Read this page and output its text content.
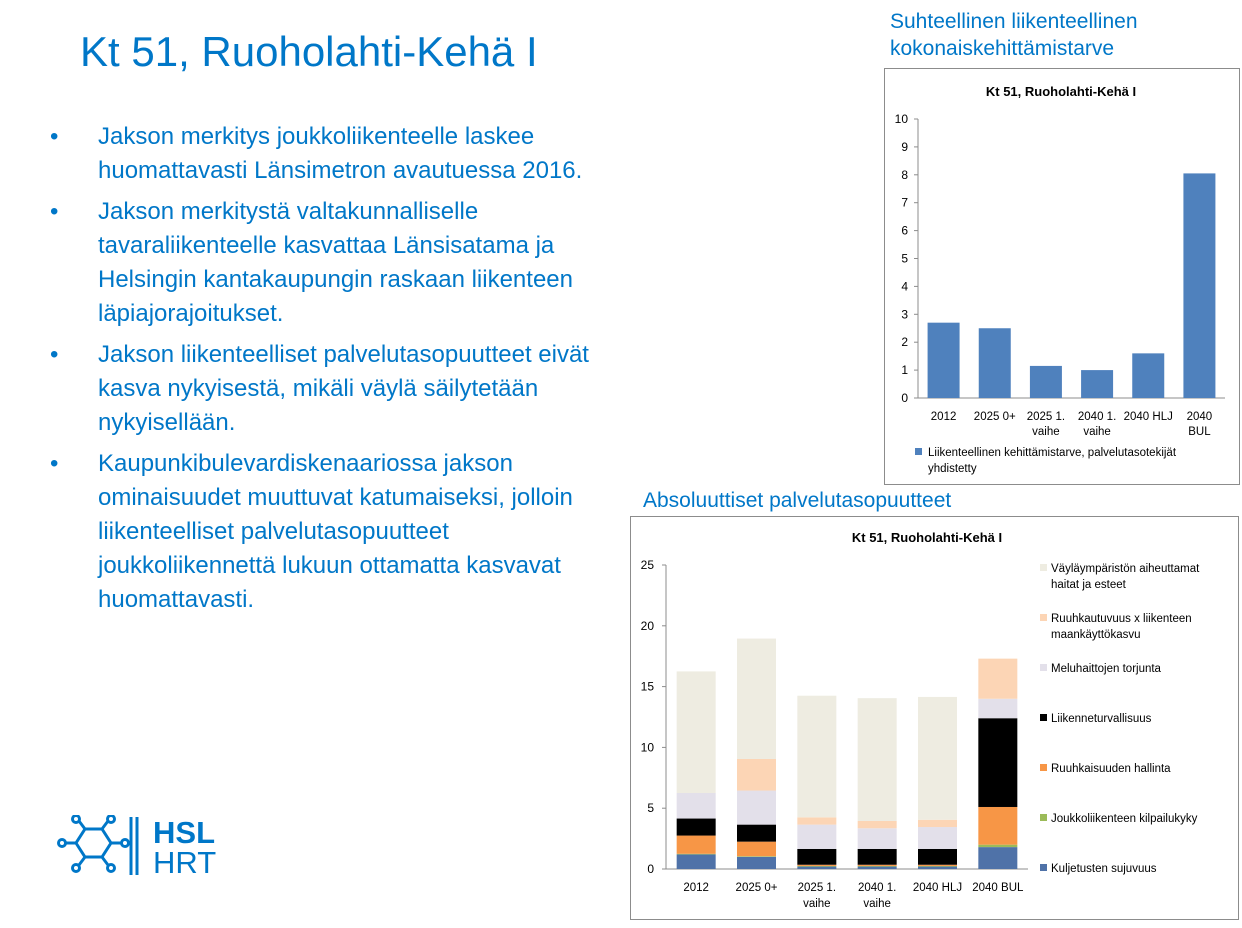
Kt 51, Ruoholahti-Kehä I
• Jakson merkitys joukkoliikenteelle laskee huomattavasti Länsimetron avautuessa 2016.
• Jakson merkitystä valtakunnalliselle tavaraliikenteelle kasvattaa Länsisatama ja Helsingin kantakaupungin raskaan liikenteen läpiajorajoitukset.
• Jakson liikenteelliset palvelutasopuutteet eivät kasva nykyisestä, mikäli väylä säilytetään nykyisellään.
• Kaupunkibulevardiskenaariossa jakson ominaisuudet muuttuvat katumaiseksi, jolloin liikenteelliset palvelutasopuutteet joukkoliikennettä lukuun ottamatta kasvavat huomattavasti.
Suhteellinen liikenteellinen
kokonaiskehittämistarve
Absoluuttiset palvelutasopuutteet
Kt 51, Ruoholahti-Kehä I
0
1
2
3
4
5
6
7
8
9
10
2012 2025 0+ 2025 1.
vaihe
2040 1.
vaihe
2040 HLJ 2040
BUL
Liikenteellinen kehittämistarve, palvelutasotekijät
yhdistetty
Kt 51, Ruoholahti-Kehä I
0
5
10
15
20
25
2012 2025 0+ 2025 1.
vaihe
2040 1.
vaihe
2040 HLJ 2040 BUL
Kuljetusten sujuvuus
Joukkoliikenteen kilpailukyky
Ruuhkaisuuden hallinta
Liikenneturvallisuus
Meluhaittojen torjunta
Ruuhkautuvuus x liikenteen
maankäyttökasvu
Väyläympäristön aiheuttamat
haitat ja esteet
HSL
HRT
